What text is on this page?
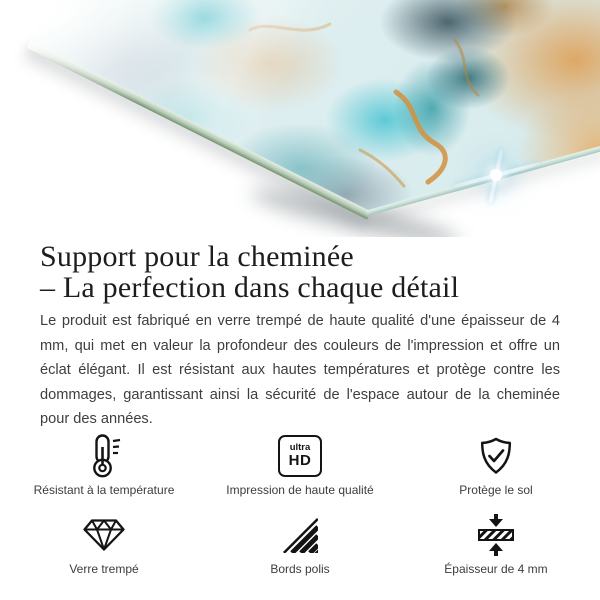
Support pour la cheminée
– La perfection dans chaque détail

Le produit est fabriqué en verre trempé de haute qualité d'une épaisseur de 4 mm, qui met en valeur la profondeur des couleurs de l'impression et offre un éclat élégant. Il est résistant aux hautes températures et protège contre les dommages, garantissant ainsi la sécurité de l'espace autour de la cheminée pour des années.

Résistant à la température
ultra
HD
Impression de haute qualité	Protège le sol
Verre trempé	Bords polis	Épaisseur de 4 mm
